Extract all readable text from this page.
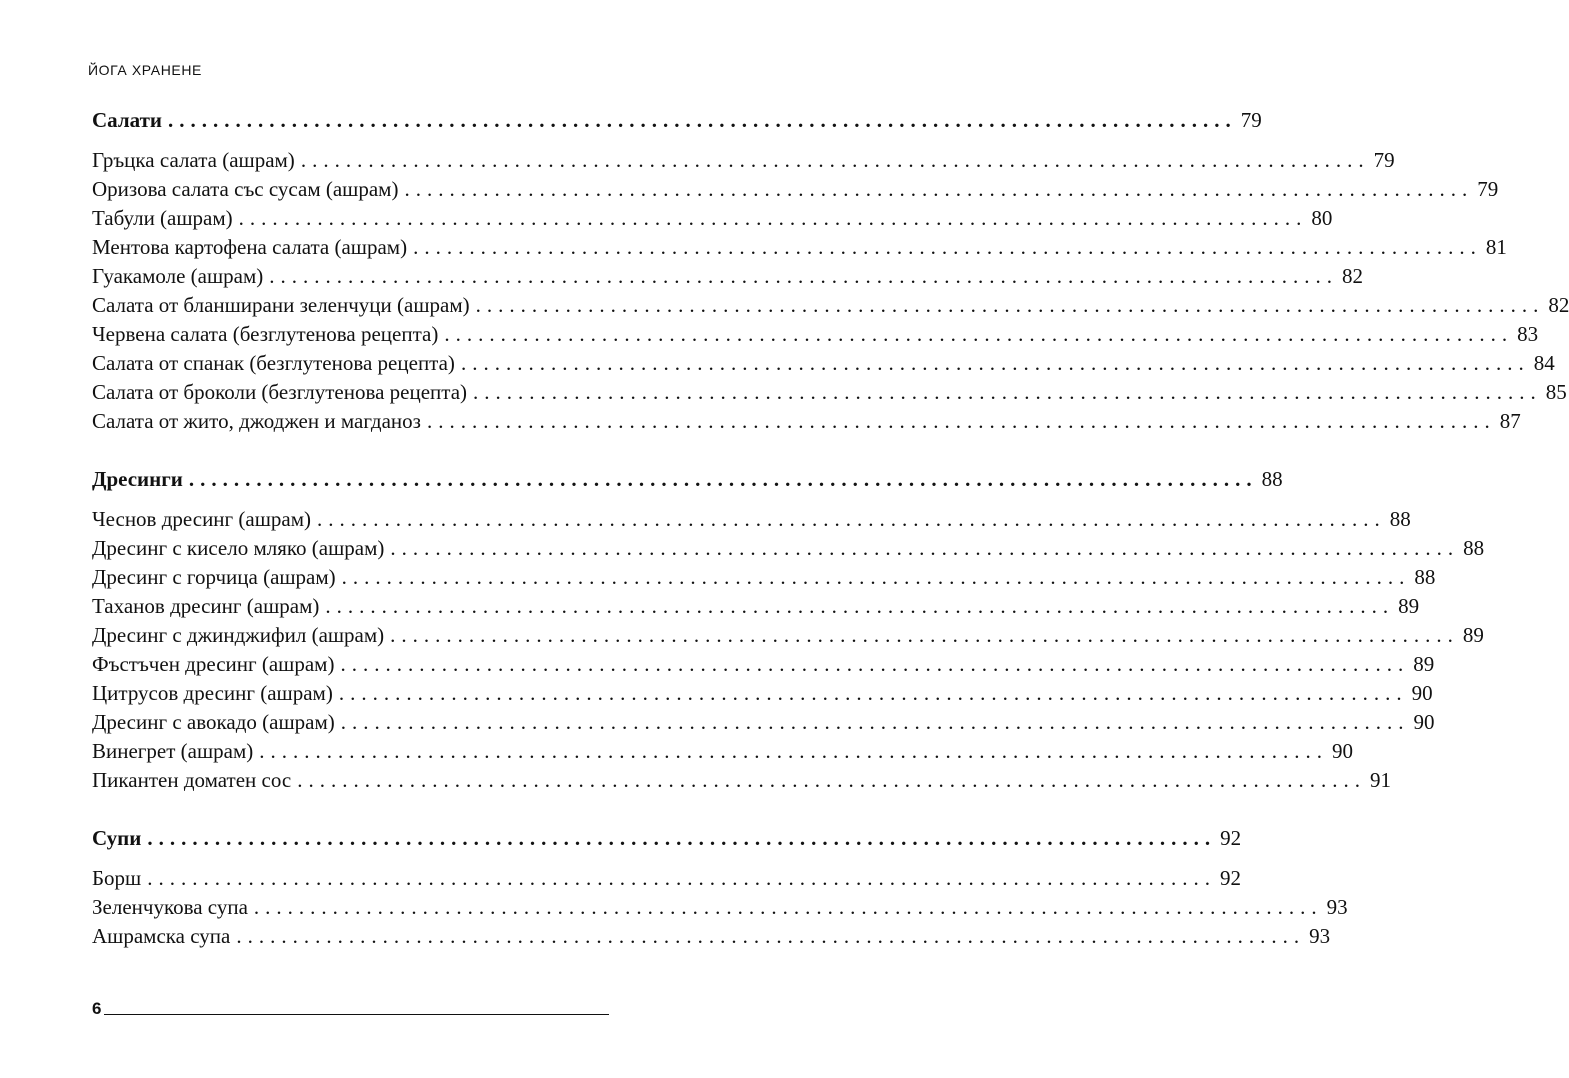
ЙОГА ХРАНЕНЕ
Салати ............................................................................................... 79
Гръцка салата (ашрам) ............................................................................................... 79
Оризова салата със сусам (ашрам) ............................................................................................... 79
Табули (ашрам) ............................................................................................... 80
Ментова картофена салата (ашрам) ............................................................................................... 81
Гуакамоле (ашрам) ............................................................................................... 82
Салата от бланширани зеленчуци (ашрам) ............................................................................................... 82
Червена салата (безглутенова рецепта) ............................................................................................... 83
Салата от спанак (безглутенова рецепта) ............................................................................................... 84
Салата от броколи (безглутенова рецепта) ............................................................................................... 85
Салата от жито, джоджен и магданоз ............................................................................................... 87
Дресинги ............................................................................................... 88
Чеснов дресинг (ашрам) ............................................................................................... 88
Дресинг с кисело мляко (ашрам) ............................................................................................... 88
Дресинг с горчица (ашрам) ............................................................................................... 88
Таханов дресинг (ашрам) ............................................................................................... 89
Дресинг с джинджифил (ашрам) ............................................................................................... 89
Фъстъчен дресинг (ашрам) ............................................................................................... 89
Цитрусов дресинг (ашрам) ............................................................................................... 90
Дресинг с авокадо (ашрам) ............................................................................................... 90
Винегрет (ашрам) ............................................................................................... 90
Пикантен доматен сос ............................................................................................... 91
Супи ............................................................................................... 92
Борш ............................................................................................... 92
Зеленчукова супа ............................................................................................... 93
Ашрамска супа ............................................................................................... 93
6
